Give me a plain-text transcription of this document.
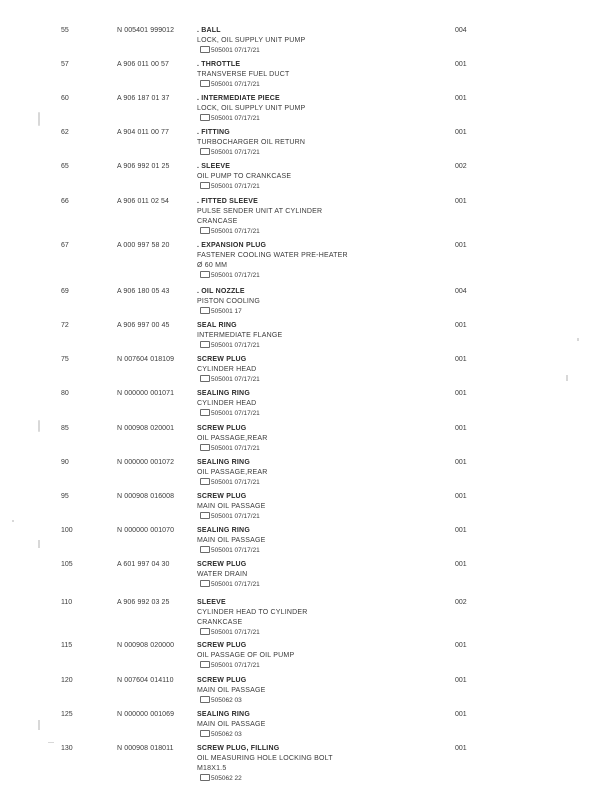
55	N 005401 999012	. BALL
LOCK, OIL SUPPLY UNIT PUMP
505001 07/17/21
004
57	A 906 011 00 57	. THROTTLE
TRANSVERSE FUEL DUCT
505001 07/17/21
001
60	A 906 187 01 37	. INTERMEDIATE PIECE
LOCK, OIL SUPPLY UNIT PUMP
505001 07/17/21
001
62	A 904 011 00 77	. FITTING
TURBOCHARGER OIL RETURN
505001 07/17/21
001
65	A 906 992 01 25	. SLEEVE
OIL PUMP TO CRANKCASE
505001 07/17/21
002
66	A 906 011 02 54	. FITTED SLEEVE
PULSE SENDER UNIT AT CYLINDER
CRANCASE
505001 07/17/21
001
67	A 000 997 58 20	. EXPANSION PLUG
FASTENER COOLING WATER PRE-HEATER
Ø 60 MM
505001 07/17/21
001
69	A 906 180 05 43	. OIL NOZZLE
PISTON COOLING
505001 17
004
72	A 906 997 00 45	SEAL RING
INTERMEDIATE FLANGE
505001 07/17/21
001
75	N 007604 018109	SCREW PLUG
CYLINDER HEAD
505001 07/17/21
001
80	N 000000 001071	SEALING RING
CYLINDER HEAD
505001 07/17/21
001
85	N 000908 020001	SCREW PLUG
OIL PASSAGE,REAR
505001 07/17/21
001
90	N 000000 001072	SEALING RING
OIL PASSAGE,REAR
505001 07/17/21
001
95	N 000908 016008	SCREW PLUG
MAIN OIL PASSAGE
505001 07/17/21
001
100	N 000000 001070	SEALING RING
MAIN OIL PASSAGE
505001 07/17/21
001
105	A 601 997 04 30	SCREW PLUG
WATER DRAIN
505001 07/17/21
001
110	A 906 992 03 25	SLEEVE
CYLINDER HEAD TO CYLINDER
CRANKCASE
505001 07/17/21
002
115	N 000908 020000	SCREW PLUG
OIL PASSAGE OF OIL PUMP
505001 07/17/21
001
120	N 007604 014110	SCREW PLUG
MAIN OIL PASSAGE
505062 03
001
125	N 000000 001069	SEALING RING
MAIN OIL PASSAGE
505062 03
001
130	N 000908 018011	SCREW PLUG, FILLING
OIL MEASURING HOLE LOCKING BOLT
M18X1.5
505062 22
001
